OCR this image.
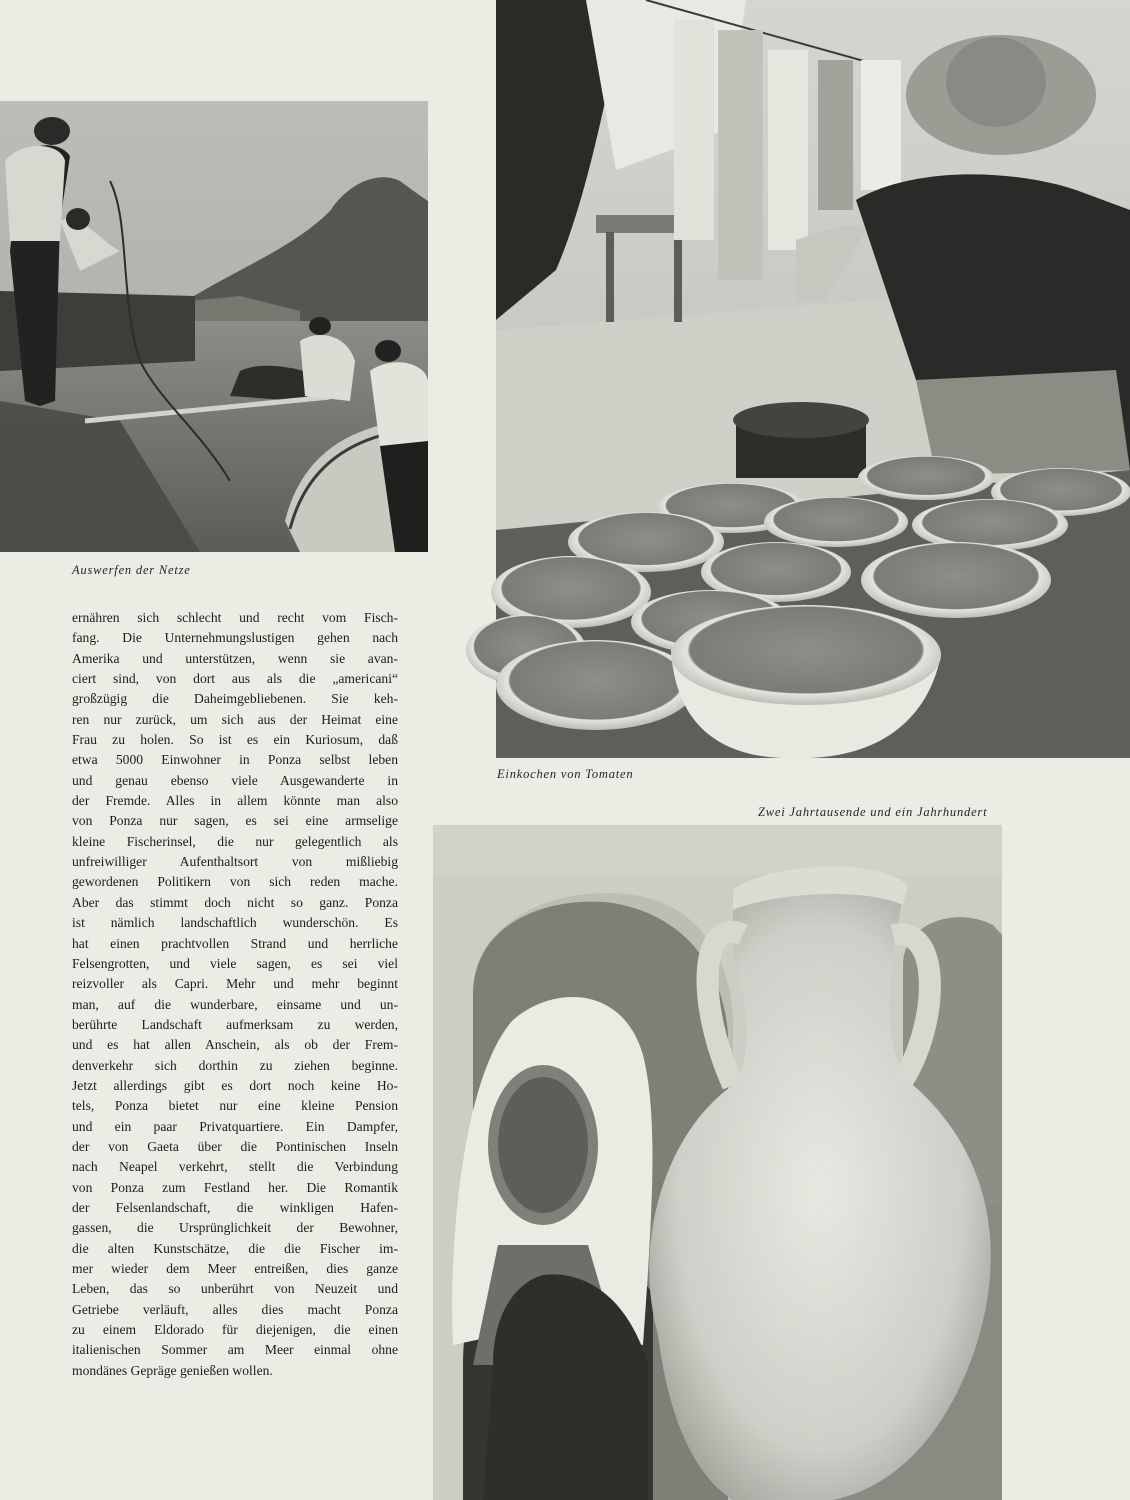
Auswerfen der Netze
Einkochen von Tomaten
Zwei Jahrtausende und ein Jahrhundert
ernähren sich schlecht und recht vom Fisch-
fang. Die Unternehmungslustigen gehen nach
Amerika und unterstützen, wenn sie avan-
ciert sind, von dort aus als die „americani“
großzügig die Daheimgebliebenen. Sie keh-
ren nur zurück, um sich aus der Heimat eine
Frau zu holen. So ist es ein Kuriosum, daß
etwa 5000 Einwohner in Ponza selbst leben
und genau ebenso viele Ausgewanderte in
der Fremde. Alles in allem könnte man also
von Ponza nur sagen, es sei eine armselige
kleine Fischerinsel, die nur gelegentlich als
unfreiwilliger Aufenthaltsort von mißliebig
gewordenen Politikern von sich reden mache.
Aber das stimmt doch nicht so ganz. Ponza
ist nämlich landschaftlich wunderschön. Es
hat einen prachtvollen Strand und herrliche
Felsengrotten, und viele sagen, es sei viel
reizvoller als Capri. Mehr und mehr beginnt
man, auf die wunderbare, einsame und un-
berührte Landschaft aufmerksam zu werden,
und es hat allen Anschein, als ob der Frem-
denverkehr sich dorthin zu ziehen beginne.
Jetzt allerdings gibt es dort noch keine Ho-
tels, Ponza bietet nur eine kleine Pension
und ein paar Privatquartiere. Ein Dampfer,
der von Gaeta über die Pontinischen Inseln
nach Neapel verkehrt, stellt die Verbindung
von Ponza zum Festland her. Die Romantik
der Felsenlandschaft, die winkligen Hafen-
gassen, die Ursprünglichkeit der Bewohner,
die alten Kunstschätze, die die Fischer im-
mer wieder dem Meer entreißen, dies ganze
Leben, das so unberührt von Neuzeit und
Getriebe verläuft, alles dies macht Ponza
zu einem Eldorado für diejenigen, die einen
italienischen Sommer am Meer einmal ohne
mondänes Gepräge genießen wollen.
